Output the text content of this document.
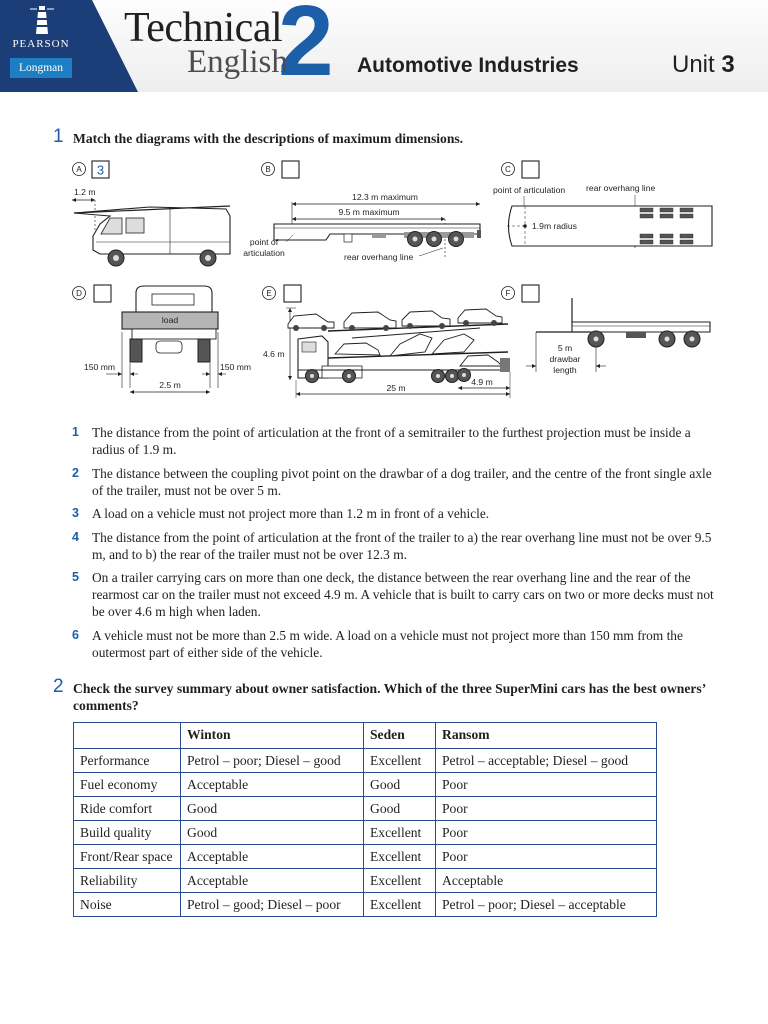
PEARSON
Longman 2
Technical
English	Automotive Industries	Unit 3
1 Match the diagrams with the descriptions of maximum dimensions.
A 3
1.2 m
B
12.3 m maximum
9.5 m maximum
point of
articulation	rear overhang line
C
point of articulation rear overhang line
1.9m radius
D
load
150 mm	150 mm
2.5 m
E
4.6 m
4.9 m
25 m
F
5 m
drawbar
length
1 The distance from the point of articulation at the front of a semitrailer to the furthest projection must be inside a radius of 1.9 m.
2 The distance between the coupling pivot point on the drawbar of a dog trailer, and the centre of the front single axle of the trailer, must not be over 5 m.
3 A load on a vehicle must not project more than 1.2 m in front of a vehicle.
4 The distance from the point of articulation at the front of the trailer to a) the rear overhang line must not be over 9.5 m, and to b) the rear of the trailer must not be over 12.3 m.
5 On a trailer carrying cars on more than one deck, the distance between the rear overhang line and the rear of the rearmost car on the trailer must not exceed 4.9 m. A vehicle that is built to carry cars on two or more decks must not be over 4.6 m high when laden.
6 A vehicle must not be more than 2.5 m wide. A load on a vehicle must not project more than 150 mm from the outermost part of either side of the vehicle.
2 Check the survey summary about owner satisfaction. Which of the three SuperMini cars has the best owners’ comments?
	Winton	Seden	Ransom
Performance	Petrol – poor; Diesel – good	Excellent	Petrol – acceptable; Diesel – good
Fuel economy	Acceptable	Good	Poor
Ride comfort	Good	Good	Poor
Build quality	Good	Excellent	Poor
Front/Rear space	Acceptable	Excellent	Poor
Reliability	Acceptable	Excellent	Acceptable
Noise	Petrol – good; Diesel – poor	Excellent	Petrol – poor; Diesel – acceptable
